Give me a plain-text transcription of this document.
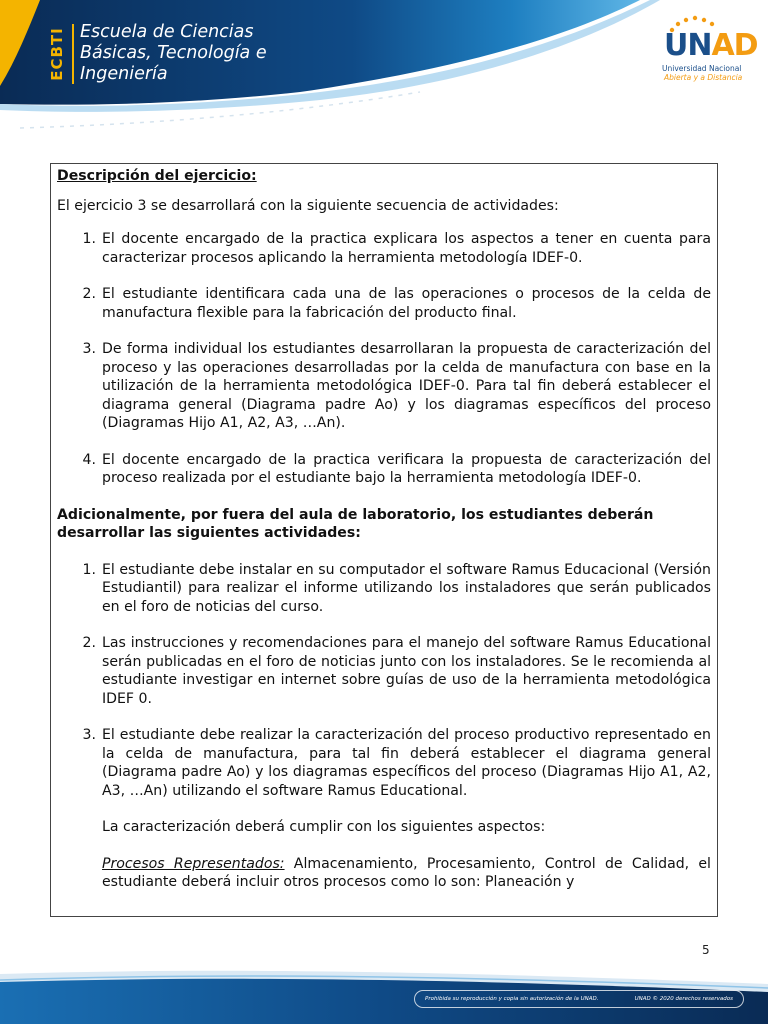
ECBTI Escuela de Ciencias
Básicas, Tecnología e
Ingeniería
UNAD
Universidad Nacional
Abierta y a Distancia

Descripción del ejercicio:

El ejercicio 3 se desarrollará con la siguiente secuencia de actividades:

1. El docente encargado de la practica explicara los aspectos a tener en cuenta para caracterizar procesos aplicando la herramienta metodología IDEF-0.
2. El estudiante identificara cada una de las operaciones o procesos de la celda de manufactura flexible para la fabricación del producto final.
3. De forma individual los estudiantes desarrollaran la propuesta de caracterización del proceso y las operaciones desarrolladas por la celda de manufactura con base en la utilización de la herramienta metodológica IDEF-0. Para tal fin deberá establecer el diagrama general (Diagrama padre Ao) y los diagramas específicos del proceso (Diagramas Hijo A1, A2, A3, …An).
4. El docente encargado de la practica verificara la propuesta de caracterización del proceso realizada por el estudiante bajo la herramienta metodología IDEF-0.

Adicionalmente, por fuera del aula de laboratorio, los estudiantes deberán desarrollar las siguientes actividades:

1. El estudiante debe instalar en su computador el software Ramus Educacional (Versión Estudiantil) para realizar el informe utilizando los instaladores que serán publicados en el foro de noticias del curso.
2. Las instrucciones y recomendaciones para el manejo del software Ramus Educational serán publicadas en el foro de noticias junto con los instaladores. Se le recomienda al estudiante investigar en internet sobre guías de uso de la herramienta metodológica IDEF 0.
3. El estudiante debe realizar la caracterización del proceso productivo representado en la celda de manufactura, para tal fin deberá establecer el diagrama general (Diagrama padre Ao) y los diagramas específicos del proceso (Diagramas Hijo A1, A2, A3, …An) utilizando el software Ramus Educational.

La caracterización deberá cumplir con los siguientes aspectos:

Procesos Representados: Almacenamiento, Procesamiento, Control de Calidad, el estudiante deberá incluir otros procesos como lo son: Planeación y

5
Prohibida su reproducción y copia sin autorización de la UNAD.	UNAD © 2020 derechos reservados
